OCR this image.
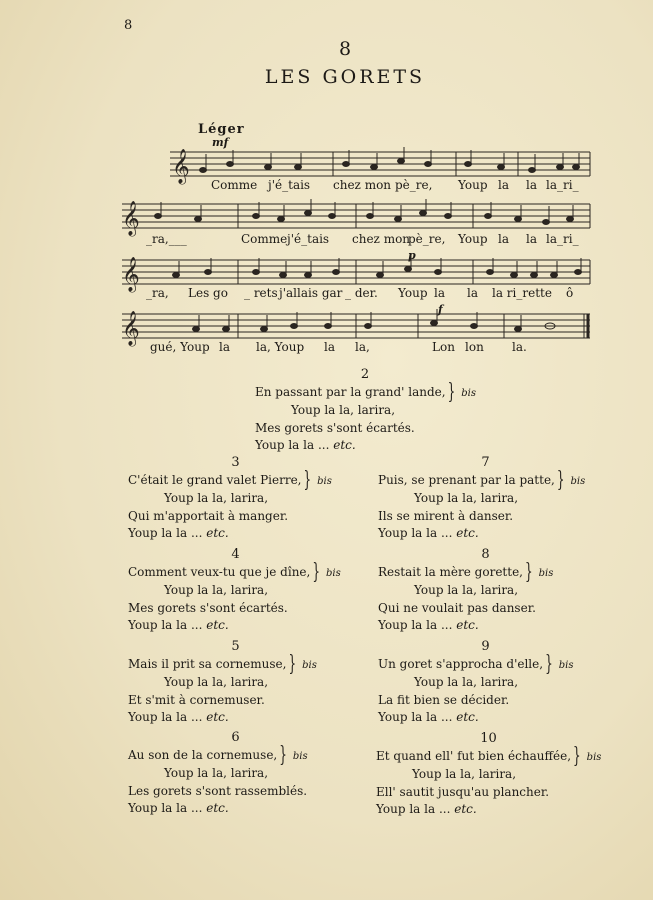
8
8
LES GORETS
Léger
mf
p
f
𝄞
Comme j'é_tais chez mon pè_re, Youp la la la_ri_
𝄞
_ra,___	Comme j'é_tais chez mon
pè_re, Youp la la la_ri_
𝄞
_ra, Les go _ rets j'allais gar _ der. Youp la la la ri_rette ô
𝄞
gué, Youp la la, Youp la la,	Lon lon la.
2
En passant par la grand' lande, } bis
Youp la la, larira,
Mes gorets s'sont écartés.
Youp la la ... etc.
3
C'était le grand valet Pierre, } bis
Youp la la, larira,
Qui m'apportait à manger.
Youp la la ... etc.
4
Comment veux-tu que je dîne, } bis
Youp la la, larira,
Mes gorets s'sont écartés.
Youp la la ... etc.
5
Mais il prit sa cornemuse, } bis
Youp la la, larira,
Et s'mit à cornemuser.
Youp la la ... etc.
6
Au son de la cornemuse, } bis
Youp la la, larira,
Les gorets s'sont rassemblés.
Youp la la ... etc.
7
Puis, se prenant par la patte, } bis
Youp la la, larira,
Ils se mirent à danser.
Youp la la ... etc.
8
Restait la mère gorette, } bis
Youp la la, larira,
Qui ne voulait pas danser.
Youp la la ... etc.
9
Un goret s'approcha d'elle, } bis
Youp la la, larira,
La fit bien se décider.
Youp la la ... etc.
10
Et quand ell' fut bien échauffée, } bis
Youp la la, larira,
Ell' sautit jusqu'au plancher.
Youp la la ... etc.
